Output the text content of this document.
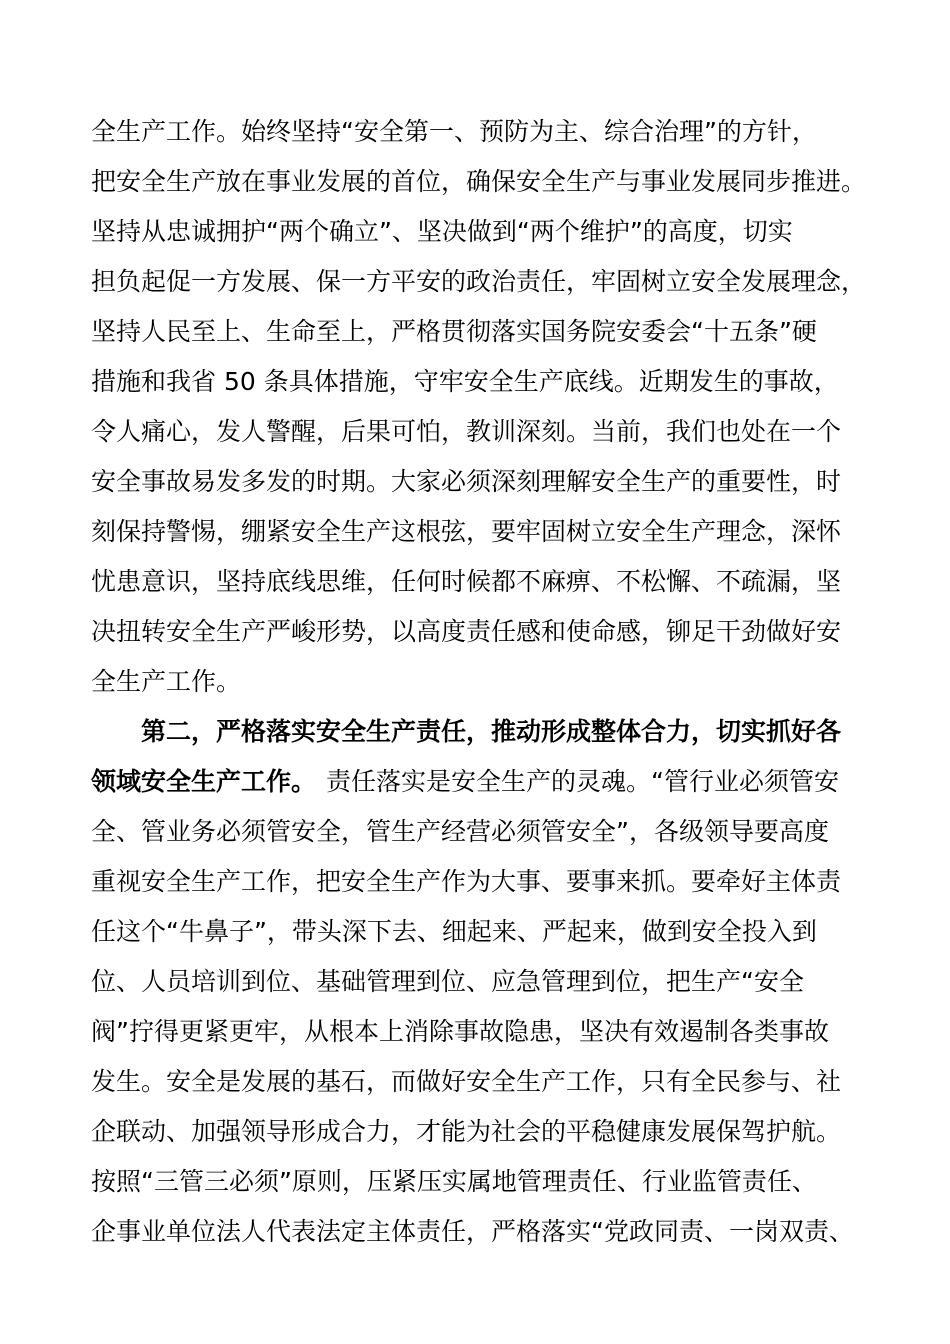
全生产工作。始终坚持“安全第一、预防为主、综合治理”的方针，
把安全生产放在事业发展的首位，确保安全生产与事业发展同步推进。
坚持从忠诚拥护“两个确立”、坚决做到“两个维护”的高度，切实
担负起促一方发展、保一方平安的政治责任，牢固树立安全发展理念，
坚持人民至上、生命至上，严格贯彻落实国务院安委会“十五条”硬
措施和我省 50 条具体措施，守牢安全生产底线。近期发生的事故，
令人痛心，发人警醒，后果可怕，教训深刻。当前，我们也处在一个
安全事故易发多发的时期。大家必须深刻理解安全生产的重要性，时
刻保持警惕，绷紧安全生产这根弦，要牢固树立安全生产理念，深怀
忧患意识，坚持底线思维，任何时候都不麻痹、不松懈、不疏漏，坚
决扭转安全生产严峻形势，以高度责任感和使命感，铆足干劲做好安
全生产工作。
第二，严格落实安全生产责任，推动形成整体合力，切实抓好各
领域安全生产工作。 责任落实是安全生产的灵魂。“管行业必须管安
全、管业务必须管安全，管生产经营必须管安全”，各级领导要高度
重视安全生产工作，把安全生产作为大事、要事来抓。要牵好主体责
任这个“牛鼻子”，带头深下去、细起来、严起来，做到安全投入到
位、人员培训到位、基础管理到位、应急管理到位，把生产“安全
阀”拧得更紧更牢，从根本上消除事故隐患，坚决有效遏制各类事故
发生。安全是发展的基石，而做好安全生产工作，只有全民参与、社
企联动、加强领导形成合力，才能为社会的平稳健康发展保驾护航。
按照“三管三必须”原则，压紧压实属地管理责任、行业监管责任、
企事业单位法人代表法定主体责任，严格落实“党政同责、一岗双责、
